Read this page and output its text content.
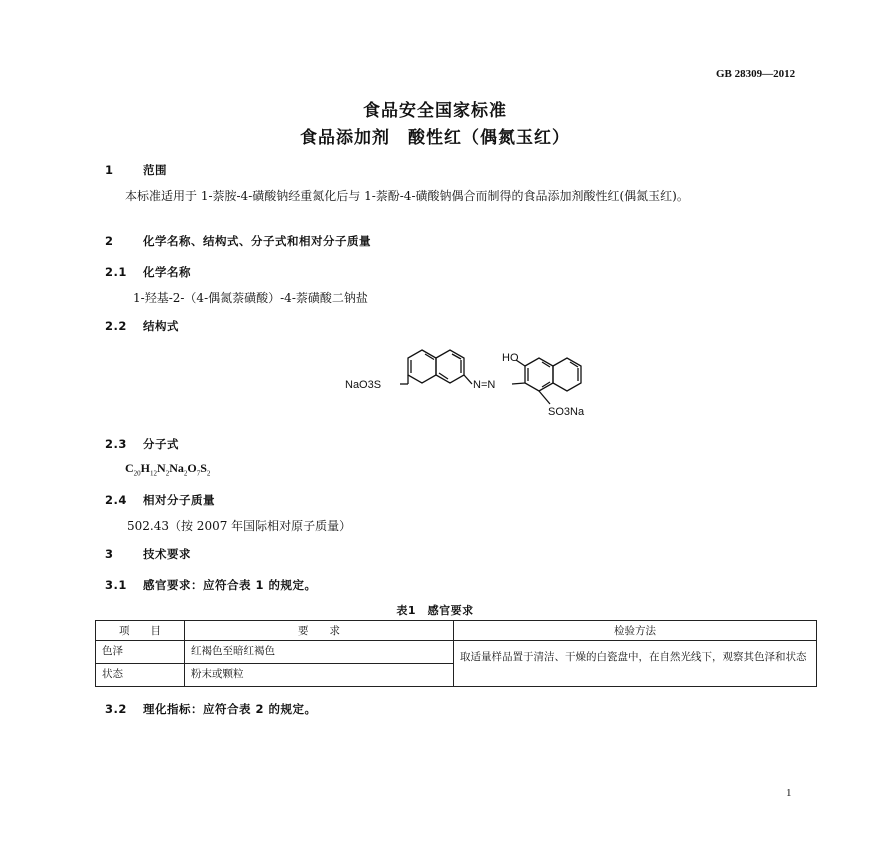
GB 28309—2012
食品安全国家标准
食品添加剂　酸性红（偶氮玉红）
1	范围
本标准适用于 1-萘胺-4-磺酸钠经重氮化后与 1-萘酚-4-磺酸钠偶合而制得的食品添加剂酸性红(偶氮玉红)。
2	化学名称、结构式、分子式和相对分子质量
2.1 化学名称
1-羟基-2-（4-偶氮萘磺酸）-4-萘磺酸二钠盐
2.2 结构式
NaO3S	N=N
HO
SO3Na
2.3 分子式
$C_{20}H_{12}N_2Na_2O_7S_2$
2.4 相对分子质量
502.43（按 2007 年国际相对原子质量）
3	技术要求
3.1 感官要求：应符合表 1 的规定。
表1　感官要求
项　　目	要　　求	检验方法
色泽	红褐色至暗红褐色	取适量样品置于清洁、干燥的白瓷盘中，在自然光线下，观察其色泽和状态
状态	粉末或颗粒	
3.2 理化指标：应符合表 2 的规定。
1
